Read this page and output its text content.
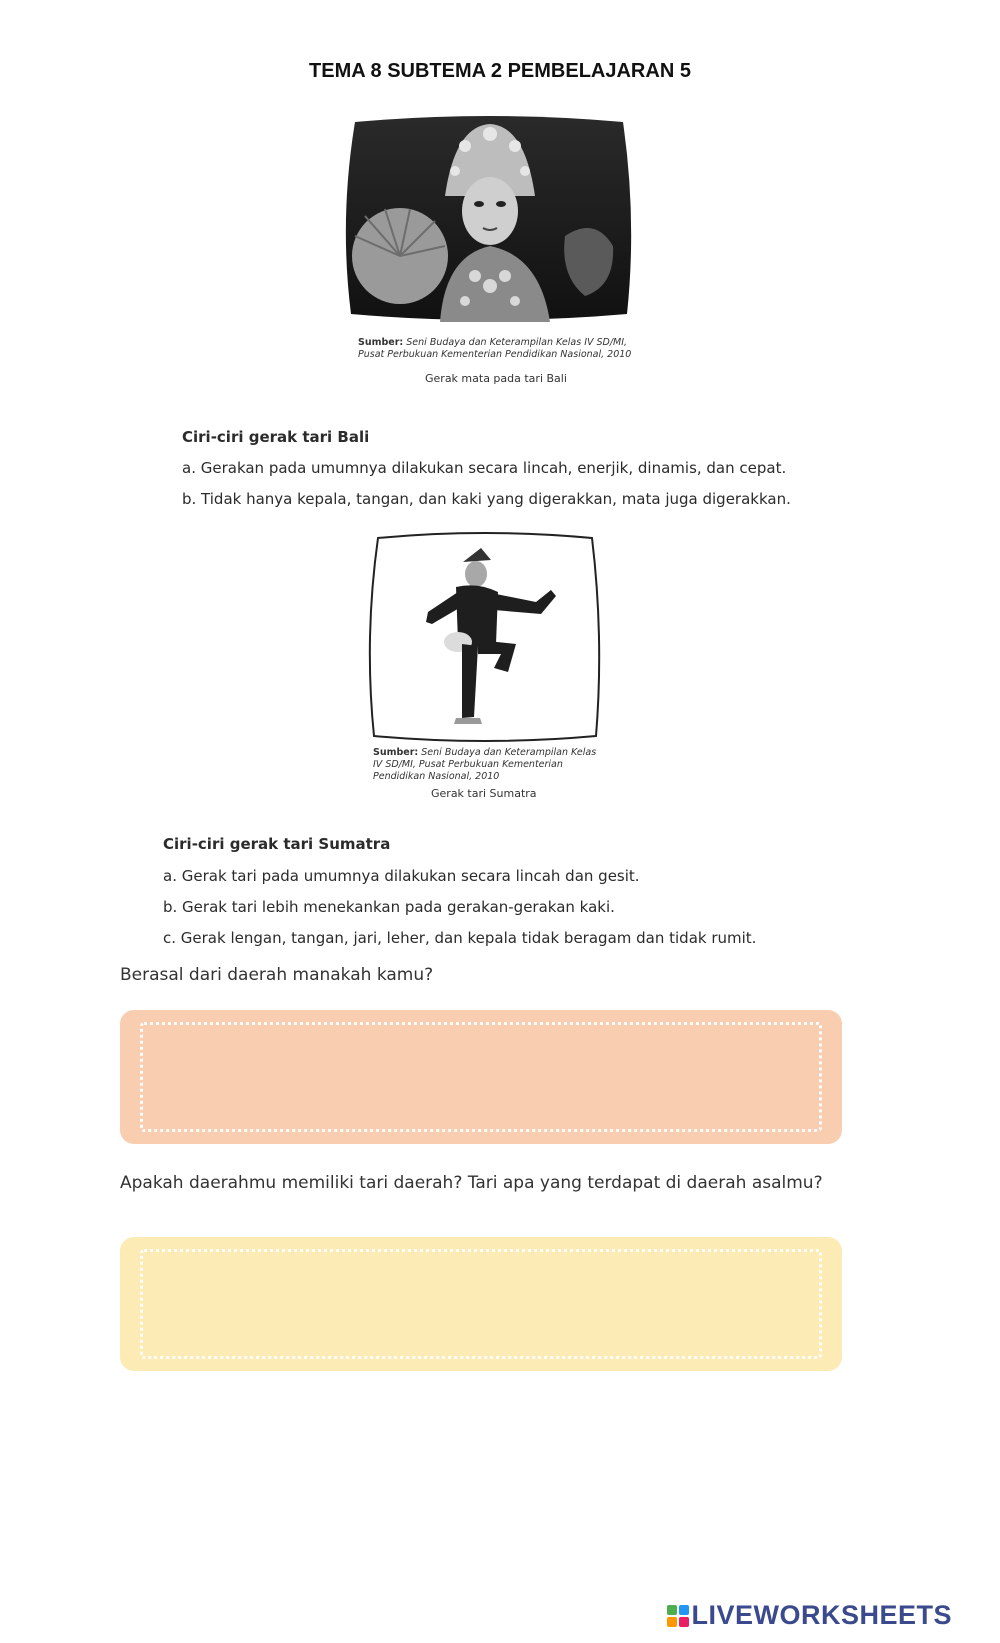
TEMA 8 SUBTEMA 2 PEMBELAJARAN 5
Sumber: Seni Budaya dan Keterampilan Kelas IV SD/MI,
Pusat Perbukuan Kementerian Pendidikan Nasional, 2010
Gerak mata pada tari Bali
Ciri-ciri gerak tari Bali
a. Gerakan pada umumnya dilakukan secara lincah, enerjik, dinamis, dan cepat.
b. Tidak hanya kepala, tangan, dan kaki yang digerakkan, mata juga digerakkan.
Sumber: Seni Budaya dan Keterampilan Kelas
IV SD/MI, Pusat Perbukuan Kementerian
Pendidikan Nasional, 2010
Gerak tari Sumatra
Ciri-ciri gerak tari Sumatra
a. Gerak tari pada umumnya dilakukan secara lincah dan gesit.
b. Gerak tari lebih menekankan pada gerakan-gerakan kaki.
c. Gerak lengan, tangan, jari, leher, dan kepala tidak beragam dan tidak rumit.
Berasal dari daerah manakah kamu?
Apakah daerahmu memiliki tari daerah? Tari apa yang terdapat di daerah asalmu?
LIVEWORKSHEETS
